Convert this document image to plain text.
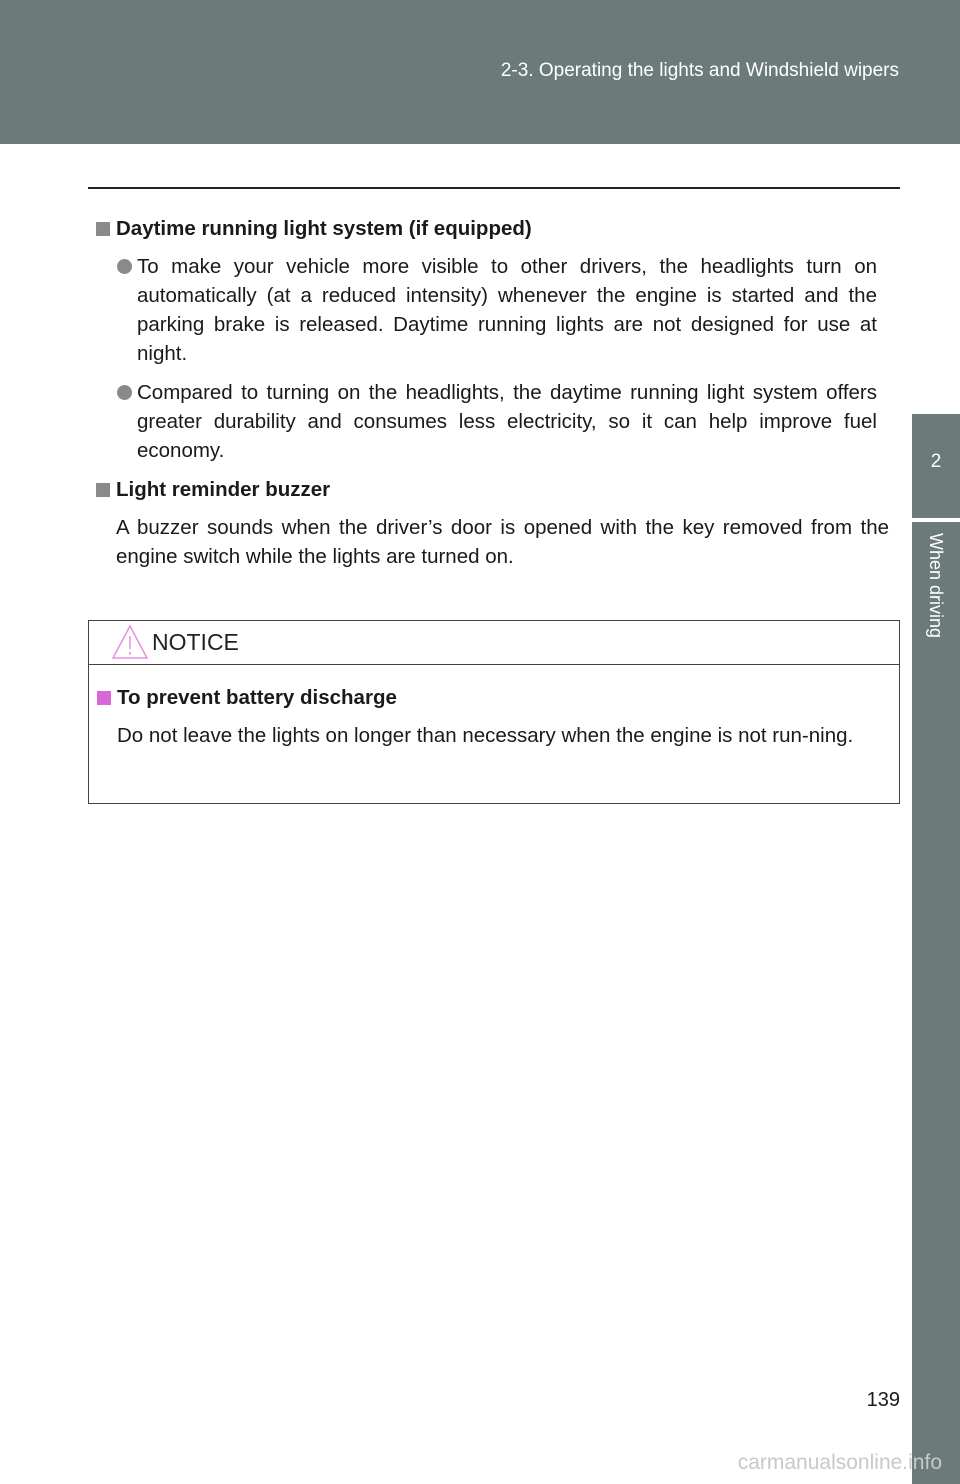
2-3. Operating the lights and Windshield wipers
2
When driving
Daytime running light system (if equipped)
To make your vehicle more visible to other drivers, the headlights turn on automatically (at a reduced intensity) whenever the engine is started and the parking brake is released. Daytime running lights are not designed for use at night.
Compared to turning on the headlights, the daytime running light system offers greater durability and consumes less electricity, so it can help improve fuel economy.
Light reminder buzzer
A buzzer sounds when the driver’s door is opened with the key removed from the engine switch while the lights are turned on.
NOTICE
To prevent battery discharge
Do not leave the lights on longer than necessary when the engine is not run-ning.
139
carmanualsonline.info
